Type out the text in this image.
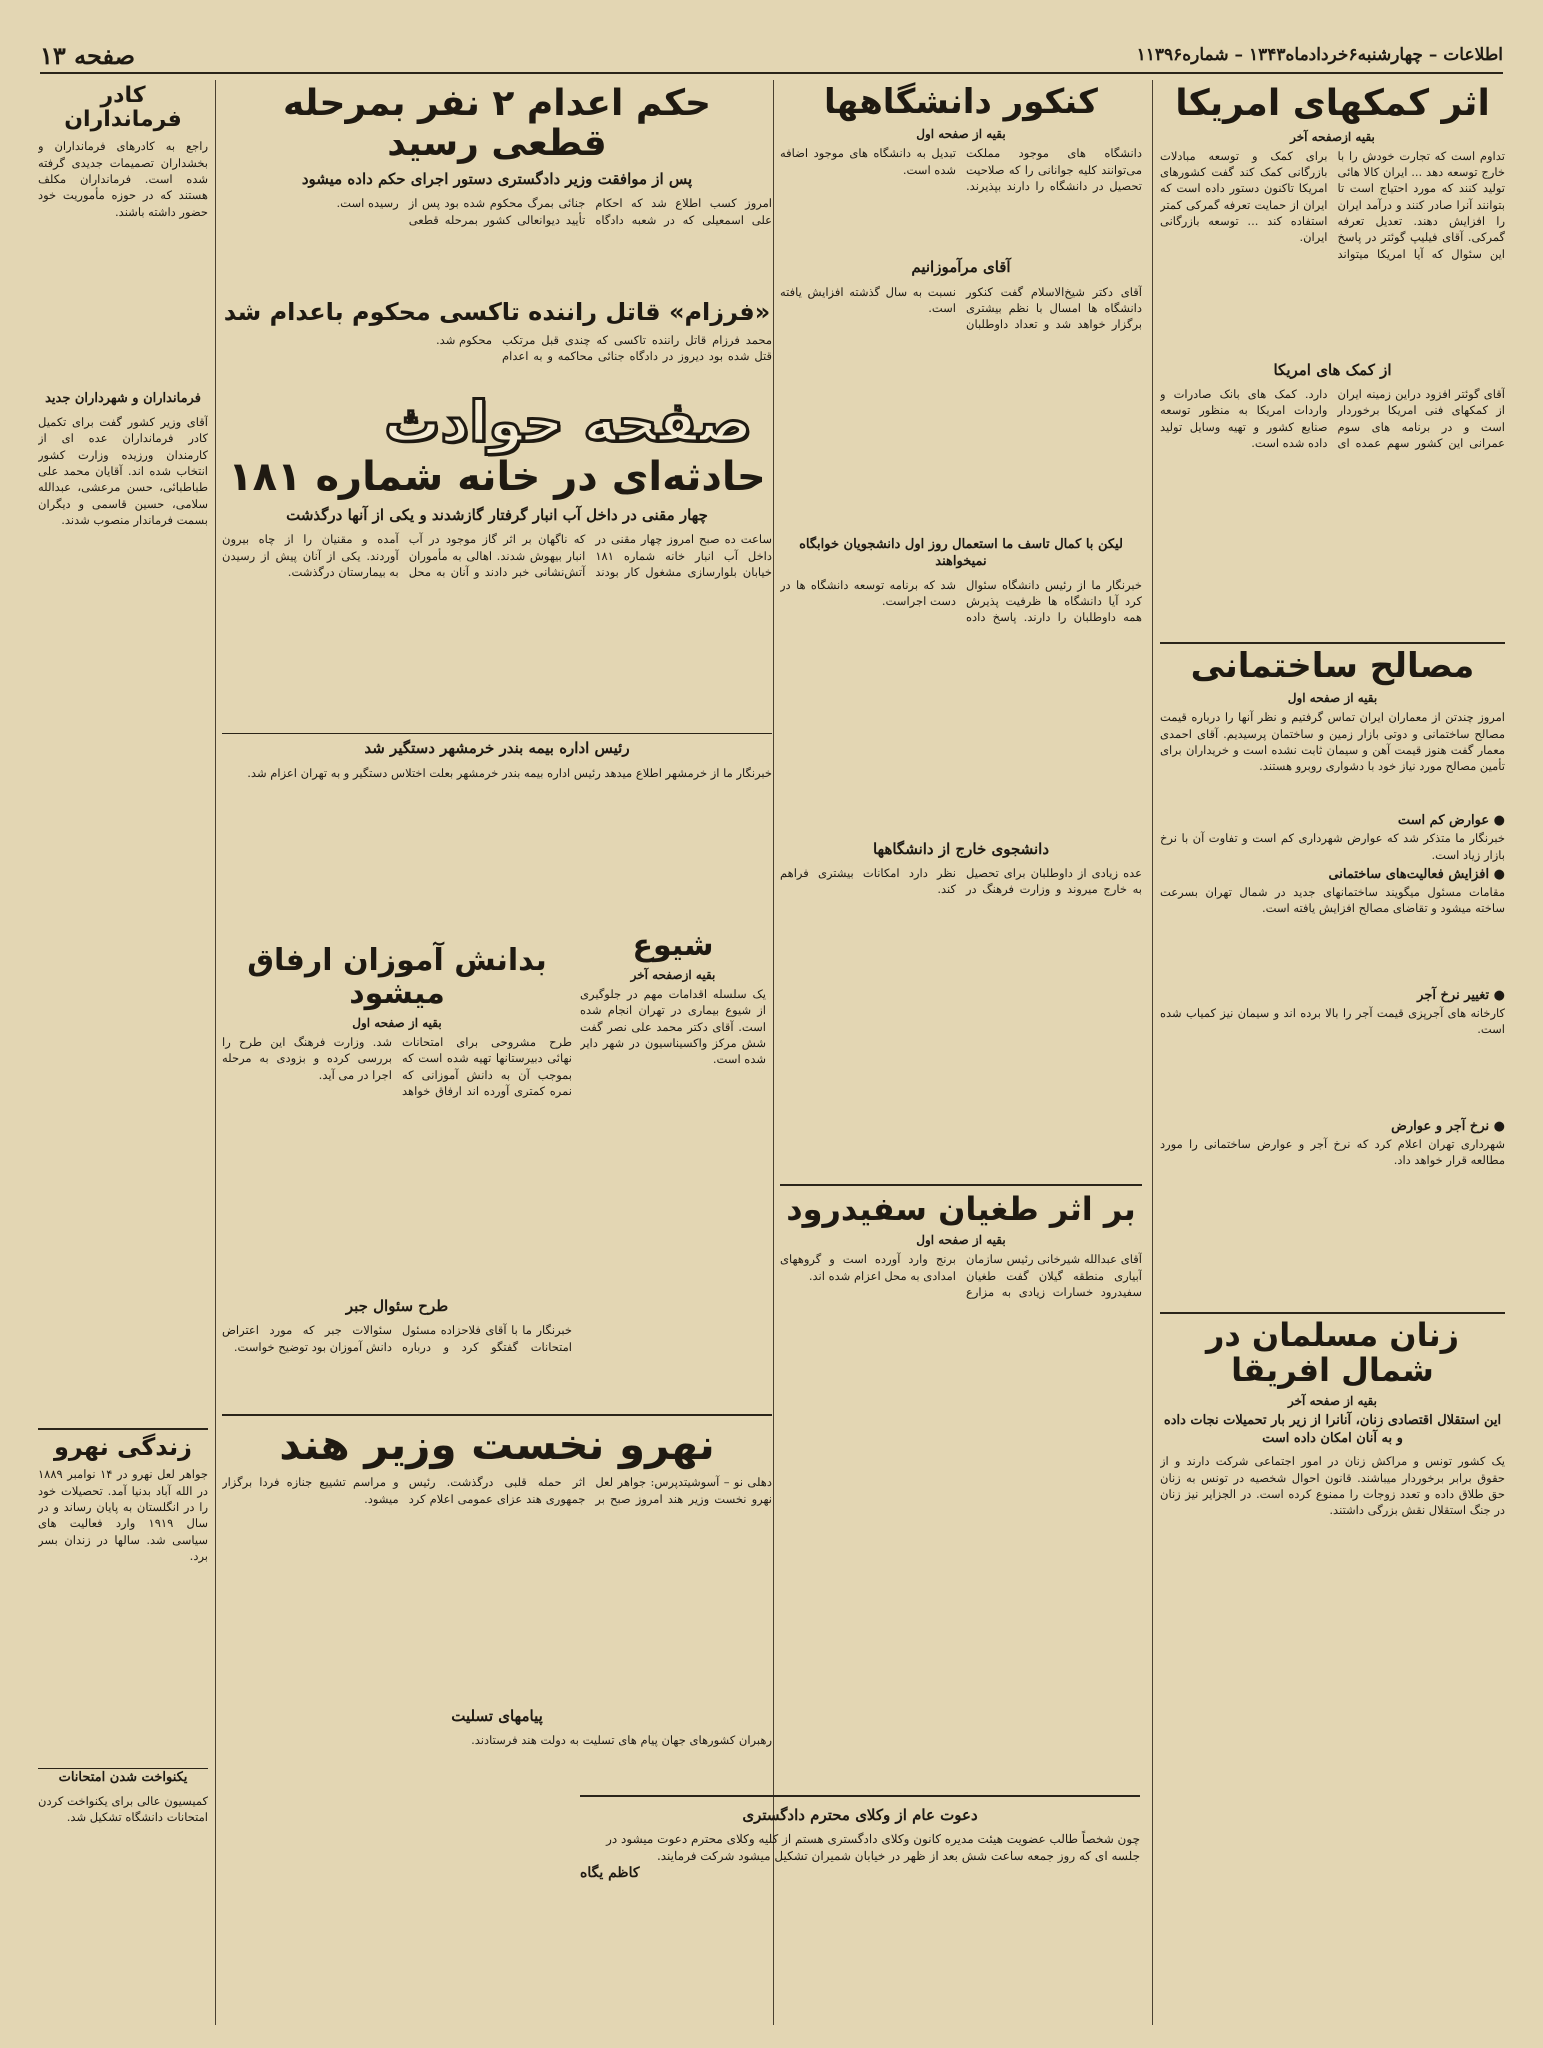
اطلاعات – چهارشنبه۶خردادماه۱۳۴۳ – شماره۱۱۳۹۶
صفحه ۱۳
اثر کمکهای امریکا
بقیه ازصفحه آخر
تداوم است که تجارت خودش را با خارج توسعه دهد ... ایران کالا هائی تولید کنند که مورد احتیاج است تا بتوانند آنرا صادر کنند و درآمد ایران را افزایش دهند. تعدیل تعرفه گمرکی. آقای فیلیپ گوئتر در پاسخ این سئوال که آیا امریکا میتواند برای کمک و توسعه مبادلات بازرگانی کمک کند گفت کشورهای امریکا تاکنون دستور داده است که ایران از حمایت تعرفه گمرکی کمتر استفاده کند ... توسعه بازرگانی ایران.
از کمک های امریکا
آقای گوئتر افزود دراین زمینه ایران از کمکهای فنی امریکا برخوردار است و در برنامه های سوم عمرانی این کشور سهم عمده ای دارد. کمک های بانک صادرات و واردات امریکا به منظور توسعه صنایع کشور و تهیه وسایل تولید داده شده است.
مصالح ساختمانی
بقیه از صفحه اول
امروز چندتن از معماران ایران تماس گرفتیم و نظر آنها را درباره قیمت مصالح ساختمانی و دوتی بازار زمین و ساختمان پرسیدیم. آقای احمدی معمار گفت هنوز قیمت آهن و سیمان ثابت نشده است و خریداران برای تأمین مصالح مورد نیاز خود با دشواری روبرو هستند.
● عوارض کم است
خبرنگار ما متذکر شد که عوارض شهرداری کم است و تفاوت آن با نرخ بازار زیاد است.
● افزایش فعالیت‌های ساختمانی
مقامات مسئول میگویند ساختمانهای جدید در شمال تهران بسرعت ساخته میشود و تقاضای مصالح افزایش یافته است.
● تغییر نرخ آجر
کارخانه های آجرپزی قیمت آجر را بالا برده اند و سیمان نیز کمیاب شده است.
● نرخ آجر و عوارض
شهرداری تهران اعلام کرد که نرخ آجر و عوارض ساختمانی را مورد مطالعه قرار خواهد داد.
زنان مسلمان در شمال افریقا
بقیه از صفحه آخر
این استقلال اقتصادی زنان، آنانرا از زیر بار تحمیلات نجات داده و به آنان امکان داده است
یک کشور تونس و مراکش زنان در امور اجتماعی شرکت دارند و از حقوق برابر برخوردار میباشند. قانون احوال شخصیه در تونس به زنان حق طلاق داده و تعدد زوجات را ممنوع کرده است. در الجزایر نیز زنان در جنگ استقلال نقش بزرگی داشتند.
کنکور دانشگاهها
بقیه از صفحه اول
دانشگاه های موجود مملکت می‌توانند کلیه جوانانی را که صلاحیت تحصیل در دانشگاه را دارند بپذیرند. تبدیل به دانشگاه های موجود اضافه شده است.
آقای مرآموزانیم
آقای دکتر شیخ‌الاسلام گفت کنکور دانشگاه ها امسال با نظم بیشتری برگزار خواهد شد و تعداد داوطلبان نسبت به سال گذشته افزایش یافته است.
لیکن با کمال تاسف ما استعمال روز اول دانشجویان خوابگاه نمیخواهند
خبرنگار ما از رئیس دانشگاه سئوال کرد آیا دانشگاه ها ظرفیت پذیرش همه داوطلبان را دارند. پاسخ داده شد که برنامه توسعه دانشگاه ها در دست اجراست.
دانشجوی خارج از دانشگاهها
عده زیادی از داوطلبان برای تحصیل به خارج میروند و وزارت فرهنگ در نظر دارد امکانات بیشتری فراهم کند.
شیوع
بقیه ازصفحه آخر
یک سلسله اقدامات مهم در جلوگیری از شیوع بیماری در تهران انجام شده است. آقای دکتر محمد علی نصر گفت شش مرکز واکسیناسیون در شهر دایر شده است.
بر اثر طغیان سفیدرود
بقیه از صفحه اول
آقای عبدالله شیرخانی رئیس سازمان آبیاری منطقه گیلان گفت طغیان سفیدرود خسارات زیادی به مزارع برنج وارد آورده است و گروههای امدادی به محل اعزام شده اند.
دعوت عام از وکلای محترم دادگستری
چون شخصاً طالب عضویت هیئت مدیره کانون وکلای دادگستری هستم از کلیه وکلای محترم دعوت میشود در جلسه ای که روز جمعه ساعت شش بعد از ظهر در خیابان شمیران تشکیل میشود شرکت فرمایند.
کاظم یگاه
حکم اعدام ۲ نفر بمرحله قطعی رسید
پس از موافقت وزیر دادگستری دستور اجرای حکم داده میشود
امروز کسب اطلاع شد که احکام علی اسمعیلی که در شعبه دادگاه جنائی بمرگ محکوم شده بود پس از تأیید دیوانعالی کشور بمرحله قطعی رسیده است.
«فرزام» قاتل راننده تاکسی محکوم باعدام شد
محمد فرزام قاتل راننده تاکسی که چندی قبل مرتکب قتل شده بود دیروز در دادگاه جنائی محاکمه و به اعدام محکوم شد.
صفحه حوادث
حادثه‌ای در خانه شماره ۱۸۱
چهار مقنی در داخل آب انبار گرفتار گازشدند و یکی از آنها درگذشت
ساعت ده صبح امروز چهار مقنی در داخل آب انبار خانه شماره ۱۸۱ خیابان بلوارسازی مشغول کار بودند که ناگهان بر اثر گاز موجود در آب انبار بیهوش شدند. اهالی به مأموران آتش‌نشانی خبر دادند و آنان به محل آمده و مقنیان را از چاه بیرون آوردند. یکی از آنان پیش از رسیدن به بیمارستان درگذشت.
رئیس اداره بیمه بندر خرمشهر دستگیر شد
خبرنگار ما از خرمشهر اطلاع میدهد رئیس اداره بیمه بندر خرمشهر بعلت اختلاس دستگیر و به تهران اعزام شد.
بدانش آموزان ارفاق میشود
بقیه از صفحه اول
طرح مشروحی برای امتحانات نهائی دبیرستانها تهیه شده است که بموجب آن به دانش آموزانی که نمره کمتری آورده اند ارفاق خواهد شد. وزارت فرهنگ این طرح را بررسی کرده و بزودی به مرحله اجرا در می آید.
طرح سئوال جبر
خبرنگار ما با آقای فلاحزاده مسئول امتحانات گفتگو کرد و درباره سئوالات جبر که مورد اعتراض دانش آموزان بود توضیح خواست.
نهرو نخست وزیر هند
دهلی نو – آسوشیتدپرس: جواهر لعل نهرو نخست وزیر هند امروز صبح بر اثر حمله قلبی درگذشت. رئیس جمهوری هند عزای عمومی اعلام کرد و مراسم تشییع جنازه فردا برگزار میشود.
پیامهای تسلیت
رهبران کشورهای جهان پیام های تسلیت به دولت هند فرستادند.
کادر فرمانداران
راجع به کادرهای فرمانداران و بخشداران تصمیمات جدیدی گرفته شده است. فرمانداران مکلف هستند که در حوزه مأموریت خود حضور داشته باشند.
فرمانداران و شهرداران جدید
آقای وزیر کشور گفت برای تکمیل کادر فرمانداران عده ای از کارمندان ورزیده وزارت کشور انتخاب شده اند. آقایان محمد علی طباطبائی، حسن مرعشی، عبدالله سلامی، حسین قاسمی و دیگران بسمت فرماندار منصوب شدند.
زندگی نهرو
جواهر لعل نهرو در ۱۴ نوامبر ۱۸۸۹ در الله آباد بدنیا آمد. تحصیلات خود را در انگلستان به پایان رساند و در سال ۱۹۱۹ وارد فعالیت های سیاسی شد. سالها در زندان بسر برد.
یکنواخت شدن امتحانات
کمیسیون عالی برای یکنواخت کردن امتحانات دانشگاه تشکیل شد.
